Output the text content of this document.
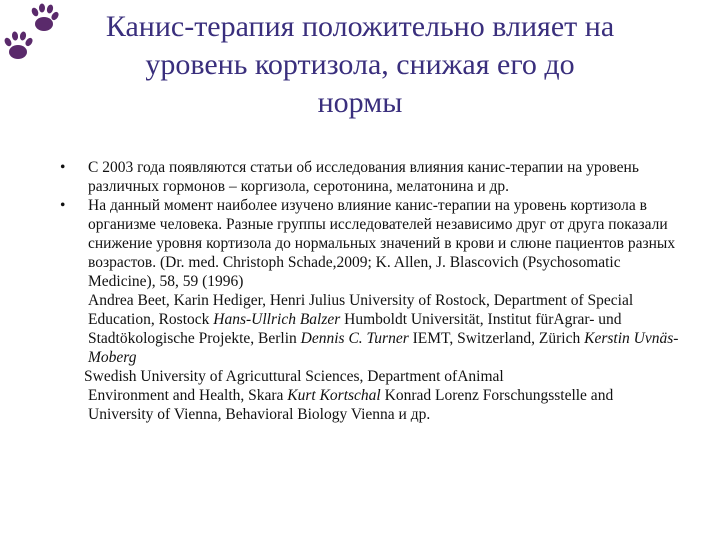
Канис-терапия положительно влияет на уровень кортизола, снижая его до нормы
• С 2003 года появляются статьи об исследования влияния канис-терапии на уровень различных гормонов – коргизола, серотонина, мелатонина и др.
• На данный момент наиболее изучено влияние канис-терапии на уровень кортизола в организме человека. Разные группы исследователей независимо друг от друга показали снижение уровня кортизола до нормальных значений в крови и слюне пациентов разных возрастов. (Dr. med. Christoph Schade,2009; K. Allen, J. Blascovich (Psychosomatic Medicine), 58, 59 (1996)
Andrea Beet, Karin Hediger, Henri Julius University of Rostock, Department of Special Education, Rostock Hans-Ullrich Balzer Humboldt Universität, Institut fürAgrar- und Stadtökologische Projekte, Berlin Dennis C. Turner IEMT, Switzerland, Zürich Kerstin Uvnäs-Moberg
Swedish University of Agricuttural Sciences, Department ofAnimal
Environment and Health, Skara Kurt Kortschal Konrad Lorenz Forschungsstelle and University of Vienna, Behavioral Biology Vienna и др.
